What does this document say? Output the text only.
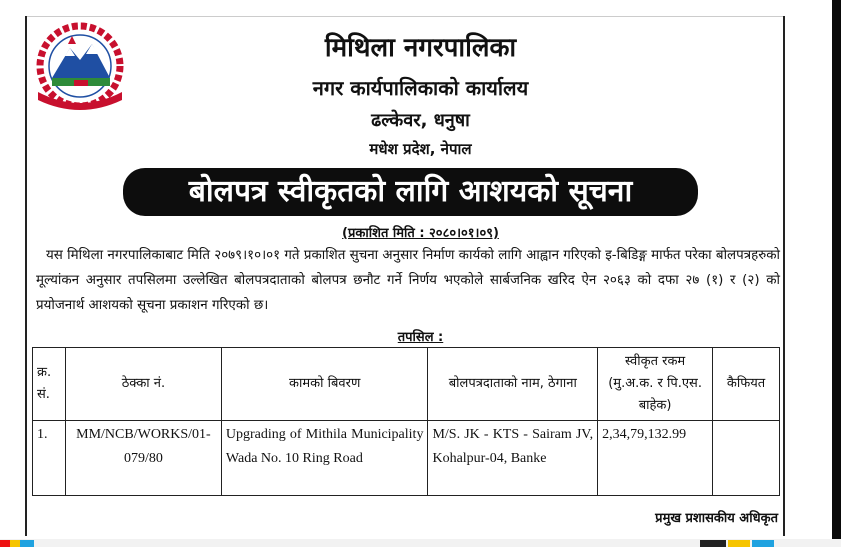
मिथिला नगरपालिका
नगर कार्यपालिकाको कार्यालय
ढल्केवर, धनुषा
मधेश प्रदेश, नेपाल
बोलपत्र स्वीकृतको लागि आशयको सूचना
(प्रकाशित मिति : २०८०।०१।०९)
यस मिथिला नगरपालिकाबाट मिति २०७९।१०।०१ गते प्रकाशित सुचना अनुसार निर्माण कार्यको लागि आह्वान गरिएको इ-बिडिङ्ग मार्फत परेका बोलपत्रहरुको मूल्यांकन अनुसार तपसिलमा उल्लेखित बोलपत्रदाताको बोलपत्र छनौट गर्ने निर्णय भएकोले सार्बजनिक खरिद ऐन २०६३ को दफा २७ (१) र (२) को प्रयोजनार्थ आशयको सूचना प्रकाशन गरिएको छ।
तपसिल :
क्र. सं.	ठेक्का नं.	कामको बिवरण	बोलपत्रदाताको नाम, ठेगाना	स्वीकृत रकम (मु.अ.क. र पि.एस. बाहेक)	कैफियत
1.	MM/NCB/WORKS/01-079/80	Upgrading of Mithila Municipality Wada No. 10 Ring Road	M/S. JK - KTS - Sairam JV, Kohalpur-04, Banke	2,34,79,132.99	
प्रमुख प्रशासकीय अधिकृत
